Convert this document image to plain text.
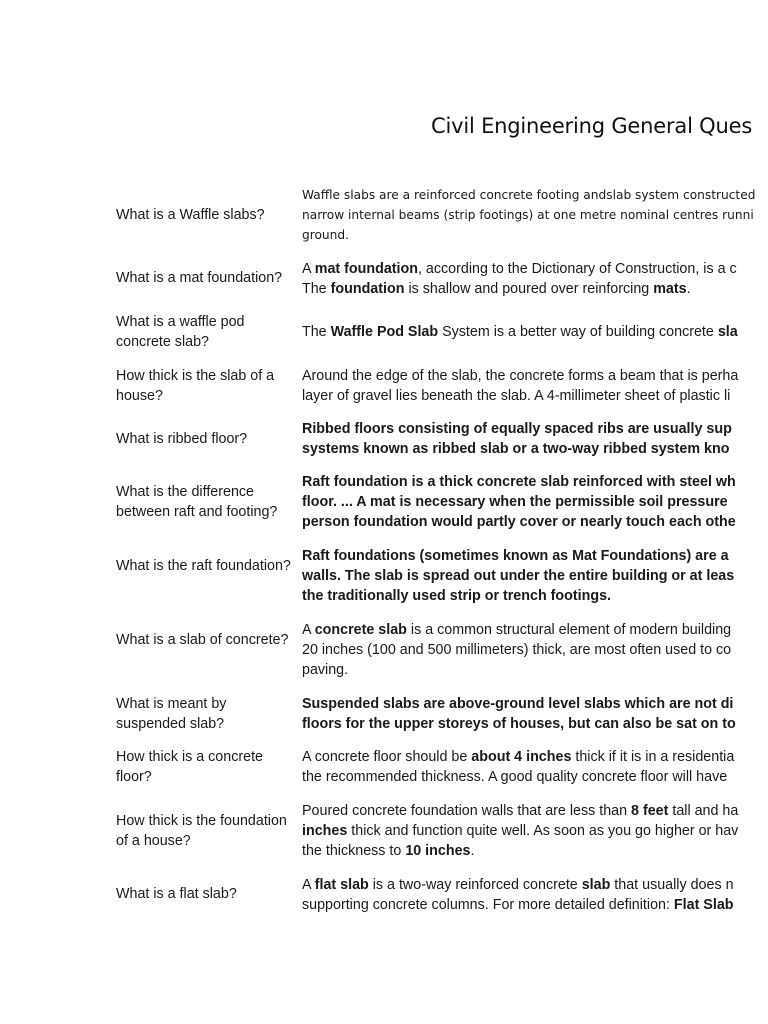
Civil Engineering General Ques
What is a Waffle slabs?
Waffle slabs are a reinforced concrete footing andslab system constructed
narrow internal beams (strip footings) at one metre nominal centres runni
ground.
What is a mat foundation?
A mat foundation, according to the Dictionary of Construction, is a c
The foundation is shallow and poured over reinforcing mats.
What is a waffle pod concrete slab?
The Waffle Pod Slab System is a better way of building concrete sla
How thick is the slab of a house?
Around the edge of the slab, the concrete forms a beam that is perha
layer of gravel lies beneath the slab. A 4-millimeter sheet of plastic li
What is ribbed floor?
Ribbed floors consisting of equally spaced ribs are usually sup
systems known as ribbed slab or a two-way ribbed system kno
What is the difference between raft and footing?
Raft foundation is a thick concrete slab reinforced with steel wh
floor. ... A mat is necessary when the permissible soil pressure
person foundation would partly cover or nearly touch each othe
What is the raft foundation?
Raft foundations (sometimes known as Mat Foundations) are a
walls. The slab is spread out under the entire building or at leas
the traditionally used strip or trench footings.
What is a slab of concrete?
A concrete slab is a common structural element of modern building
20 inches (100 and 500 millimeters) thick, are most often used to co
paving.
What is meant by suspended slab?
Suspended slabs are above-ground level slabs which are not di
floors for the upper storeys of houses, but can also be sat on to
How thick is a concrete floor?
A concrete floor should be about 4 inches thick if it is in a residentia
the recommended thickness. A good quality concrete floor will have
How thick is the foundation of a house?
Poured concrete foundation walls that are less than 8 feet tall and ha
inches thick and function quite well. As soon as you go higher or hav
the thickness to 10 inches.
What is a flat slab?
A flat slab is a two-way reinforced concrete slab that usually does n
supporting concrete columns. For more detailed definition: Flat Slab
